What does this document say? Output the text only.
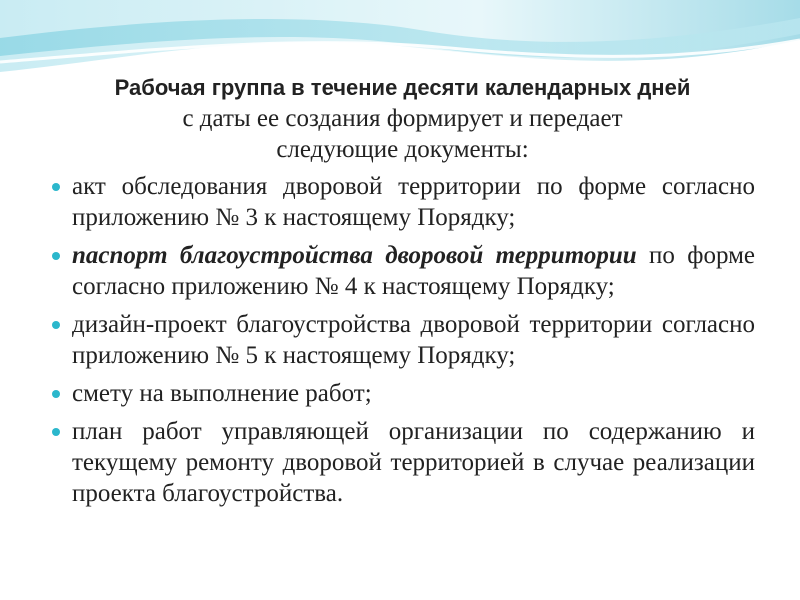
Рабочая группа в течение десяти календарных дней
с даты ее создания формирует и передает
следующие документы:

акт обследования дворовой территории по форме согласно приложению № 3 к настоящему Порядку;
паспорт благоустройства дворовой территории по форме согласно приложению № 4 к настоящему Порядку;
дизайн-проект благоустройства дворовой территории согласно приложению № 5 к настоящему Порядку;
смету на выполнение работ;
план работ управляющей организации по содержанию и текущему ремонту дворовой территорией в случае реализации проекта благоустройства.
